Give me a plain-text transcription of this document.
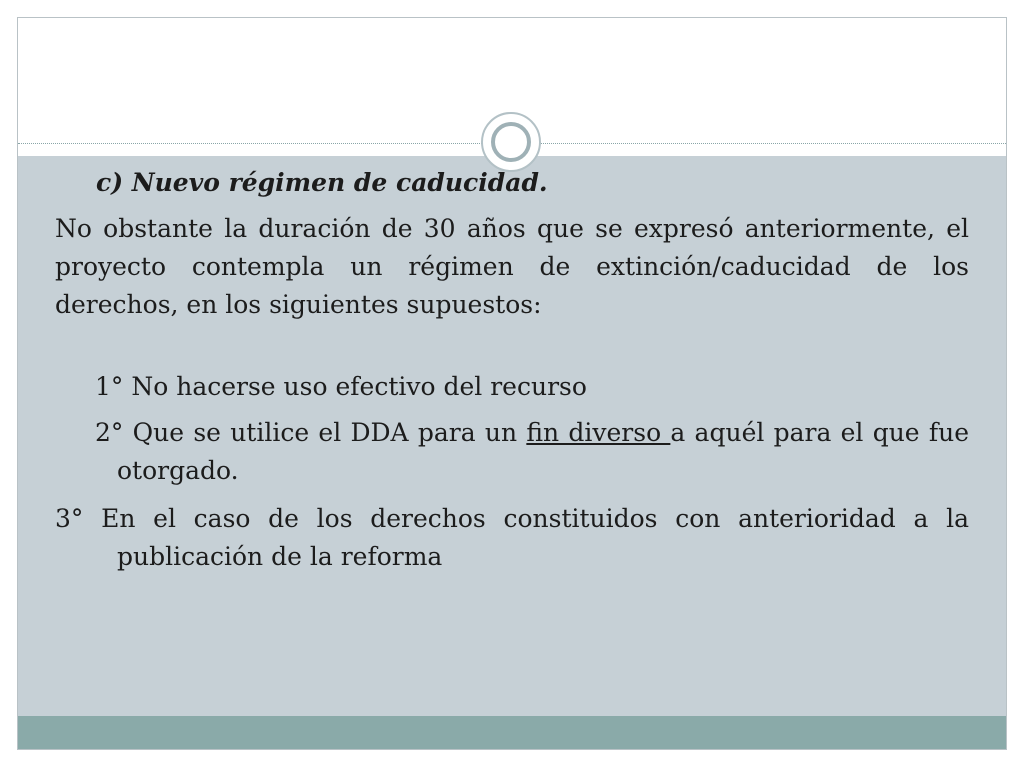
c) Nuevo régimen de caducidad.

No obstante la duración de 30 años que se expresó anteriormente, el proyecto contempla un régimen de extinción/caducidad de los derechos, en los siguientes supuestos:

1° No hacerse uso efectivo del recurso

2° Que se utilice el DDA para un fin diverso a aquél para el que fue otorgado.

3° En el caso de los derechos constituidos con anterioridad a la publicación de la reforma
